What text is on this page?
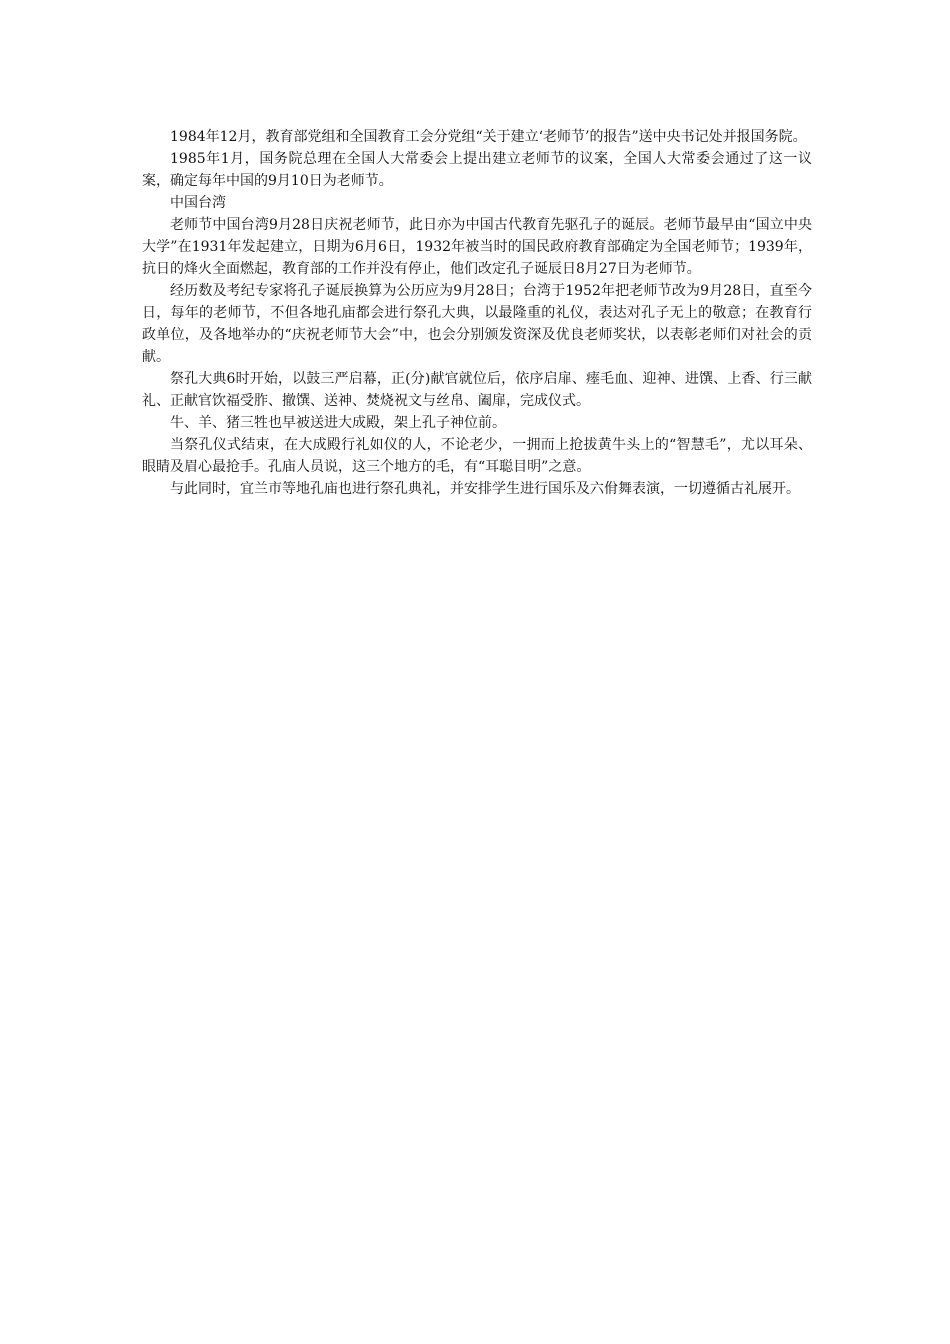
1984年12月，教育部党组和全国教育工会分党组“关于建立‘老师节’的报告”送中央书记处并报国务院。

1985年1月，国务院总理在全国人大常委会上提出建立老师节的议案，全国人大常委会通过了这一议案，确定每年中国的9月10日为老师节。

中国台湾

老师节中国台湾9月28日庆祝老师节，此日亦为中国古代教育先驱孔子的诞辰。老师节最早由“国立中央大学”在1931年发起建立，日期为6月6日，1932年被当时的国民政府教育部确定为全国老师节；1939年，抗日的烽火全面燃起，教育部的工作并没有停止，他们改定孔子诞辰日8月27日为老师节。

经历数及考纪专家将孔子诞辰换算为公历应为9月28日；台湾于1952年把老师节改为9月28日，直至今日，每年的老师节，不但各地孔庙都会进行祭孔大典，以最隆重的礼仪，表达对孔子无上的敬意；在教育行政单位，及各地举办的“庆祝老师节大会”中，也会分别颁发资深及优良老师奖状，以表彰老师们对社会的贡献。

祭孔大典6时开始，以鼓三严启幕，正(分)献官就位后，依序启扉、瘗毛血、迎神、进馔、上香、行三献礼、正献官饮福受胙、撤馔、送神、焚烧祝文与丝帛、阖扉，完成仪式。

牛、羊、猪三牲也早被送进大成殿，架上孔子神位前。

当祭孔仪式结束，在大成殿行礼如仪的人，不论老少，一拥而上抢拔黄牛头上的“智慧毛”，尤以耳朵、眼睛及眉心最抢手。孔庙人员说，这三个地方的毛，有“耳聪目明”之意。

与此同时，宜兰市等地孔庙也进行祭孔典礼，并安排学生进行国乐及六佾舞表演，一切遵循古礼展开。
